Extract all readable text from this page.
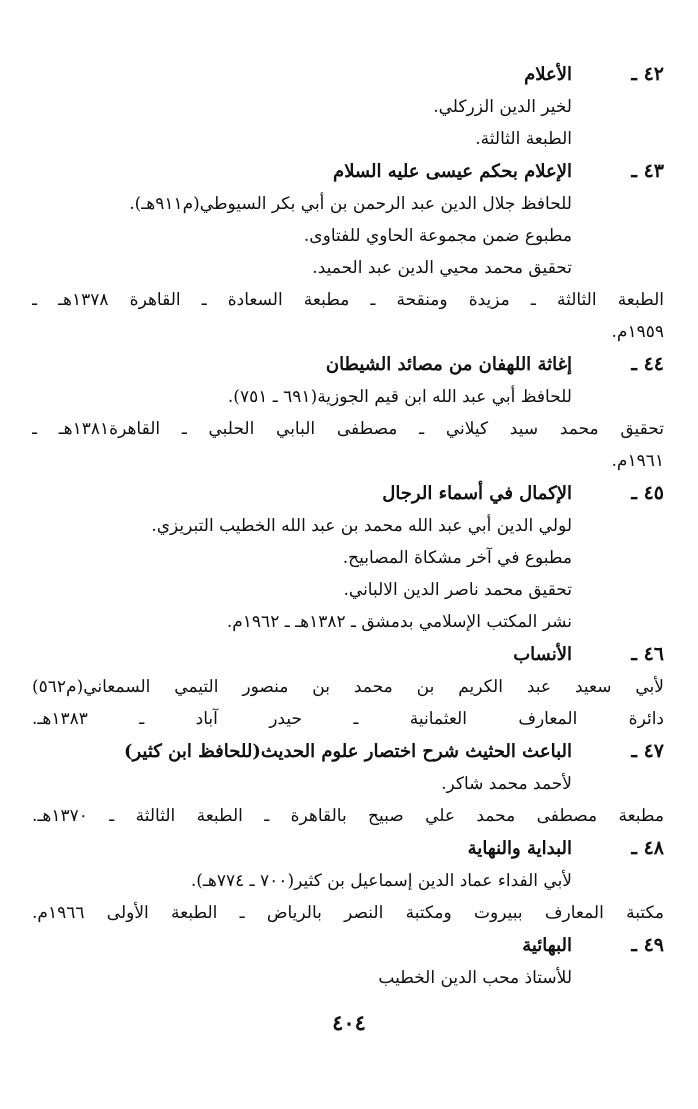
٤٢ ـ
الأعلام
لخير الدين الزركلي.
الطبعة الثالثة.
٤٣ ـ
الإعلام بحكم عيسى عليه السلام
للحافظ جلال الدين عبد الرحمن بن أبي بكر السيوطي(م٩١١هـ).
مطبوع ضمن مجموعة الحاوي للفتاوى.
تحقيق محمد محيي الدين عبد الحميد.
الطبعة الثالثة ـ مزيدة ومنقحة ـ مطبعة السعادة ـ القاهرة ١٣٧٨هـ ـ
١٩٥٩م.
٤٤ ـ
إغاثة اللهفان من مصائد الشيطان
للحافظ أبي عبد الله ابن قيم الجوزية(٦٩١ ـ ٧٥١).
تحقيق محمد سيد كيلاني ـ مصطفى البابي الحلبي ـ القاهرة١٣٨١هـ ـ
١٩٦١م.
٤٥ ـ
الإكمال في أسماء الرجال
لولي الدين أبي عبد الله محمد بن عبد الله الخطيب التبريزي.
مطبوع في آخر مشكاة المصابيح.
تحقيق محمد ناصر الدين الالباني.
نشر المكتب الإسلامي بدمشق ـ ١٣٨٢هـ ـ ١٩٦٢م.
٤٦ ـ
الأنساب
لأبي سعيد عبد الكريم بن محمد بن منصور التيمي السمعاني(م٥٦٢)
دائرة المعارف العثمانية ـ حيدر آباد ـ ١٣٨٣هـ.
٤٧ ـ
الباعث الحثيث شرح اختصار علوم الحديث(للحافظ ابن كثير)
لأحمد محمد شاكر.
مطبعة مصطفى محمد علي صبيح بالقاهرة ـ الطبعة الثالثة ـ ١٣٧٠هـ.
٤٨ ـ
البداية والنهاية
لأبي الفداء عماد الدين إسماعيل بن كثير(٧٠٠ ـ ٧٧٤هـ).
مكتبة المعارف ببيروت ومكتبة النصر بالرياض ـ الطبعة الأولى ١٩٦٦م.
٤٩ ـ
البهائية
للأستاذ محب الدين الخطيب
٤٠٤
